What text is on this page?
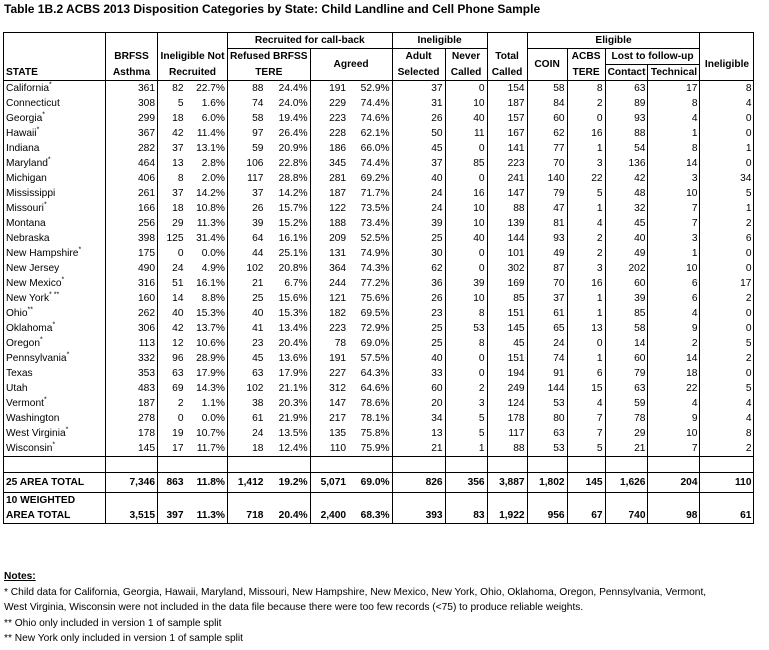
Table 1B.2 ACBS 2013 Disposition Categories by State: Child Landline and Cell Phone Sample
				Recruited for call-back				Ineligible			Eligible				
	BRFSS	Ineligible Not		Refused BRFSS				Adult	Never	Total		ACBS	Lost to follow-up		
STATE	Asthma	Recruited		TERE		Agreed		Selected	Called	Called	COIN	TERE	Contact	Technical	Ineligible
California*	361	82	22.7%	88	24.4%	191	52.9%	37	0	154	58	8	63	17	8
Connecticut	308	5	1.6%	74	24.0%	229	74.4%	31	10	187	84	2	89	8	4
Georgia*	299	18	6.0%	58	19.4%	223	74.6%	26	40	157	60	0	93	4	0
Hawaii*	367	42	11.4%	97	26.4%	228	62.1%	50	11	167	62	16	88	1	0
Indiana	282	37	13.1%	59	20.9%	186	66.0%	45	0	141	77	1	54	8	1
Maryland*	464	13	2.8%	106	22.8%	345	74.4%	37	85	223	70	3	136	14	0
Michigan	406	8	2.0%	117	28.8%	281	69.2%	40	0	241	140	22	42	3	34
Mississippi	261	37	14.2%	37	14.2%	187	71.7%	24	16	147	79	5	48	10	5
Missouri*	166	18	10.8%	26	15.7%	122	73.5%	24	10	88	47	1	32	7	1
Montana	256	29	11.3%	39	15.2%	188	73.4%	39	10	139	81	4	45	7	2
Nebraska	398	125	31.4%	64	16.1%	209	52.5%	25	40	144	93	2	40	3	6
New Hampshire*	175	0	0.0%	44	25.1%	131	74.9%	30	0	101	49	2	49	1	0
New Jersey	490	24	4.9%	102	20.8%	364	74.3%	62	0	302	87	3	202	10	0
New Mexico*	316	51	16.1%	21	6.7%	244	77.2%	36	39	169	70	16	60	6	17
New York* **	160	14	8.8%	25	15.6%	121	75.6%	26	10	85	37	1	39	6	2
Ohio**	262	40	15.3%	40	15.3%	182	69.5%	23	8	151	61	1	85	4	0
Oklahoma*	306	42	13.7%	41	13.4%	223	72.9%	25	53	145	65	13	58	9	0
Oregon*	113	12	10.6%	23	20.4%	78	69.0%	25	8	45	24	0	14	2	5
Pennsylvania*	332	96	28.9%	45	13.6%	191	57.5%	40	0	151	74	1	60	14	2
Texas	353	63	17.9%	63	17.9%	227	64.3%	33	0	194	91	6	79	18	0
Utah	483	69	14.3%	102	21.1%	312	64.6%	60	2	249	144	15	63	22	5
Vermont*	187	2	1.1%	38	20.3%	147	78.6%	20	3	124	53	4	59	4	4
Washington	278	0	0.0%	61	21.9%	217	78.1%	34	5	178	80	7	78	9	4
West Virginia*	178	19	10.7%	24	13.5%	135	75.8%	13	5	117	63	7	29	10	8
Wisconsin*	145	17	11.7%	18	12.4%	110	75.9%	21	1	88	53	5	21	7	2

25 AREA TOTAL	7,346	863	11.8%	1,412	19.2%	5,071	69.0%	826	356	3,887	1,802	145	1,626	204	110

10 WEIGHTED
AREA TOTAL	3,515	397	11.3%	718	20.4%	2,400	68.3%	393	83	1,922	956	67	740	98	61
Notes:
* Child data for California, Georgia, Hawaii, Maryland, Missouri, New Hampshire, New Mexico, New York, Ohio, Oklahoma, Oregon, Pennsylvania, Vermont,
West Virginia, Wisconsin were not included in the data file because there were too few records (<75) to produce reliable weights.
** Ohio only included in version 1 of sample split
** New York only included in version 1 of sample split
